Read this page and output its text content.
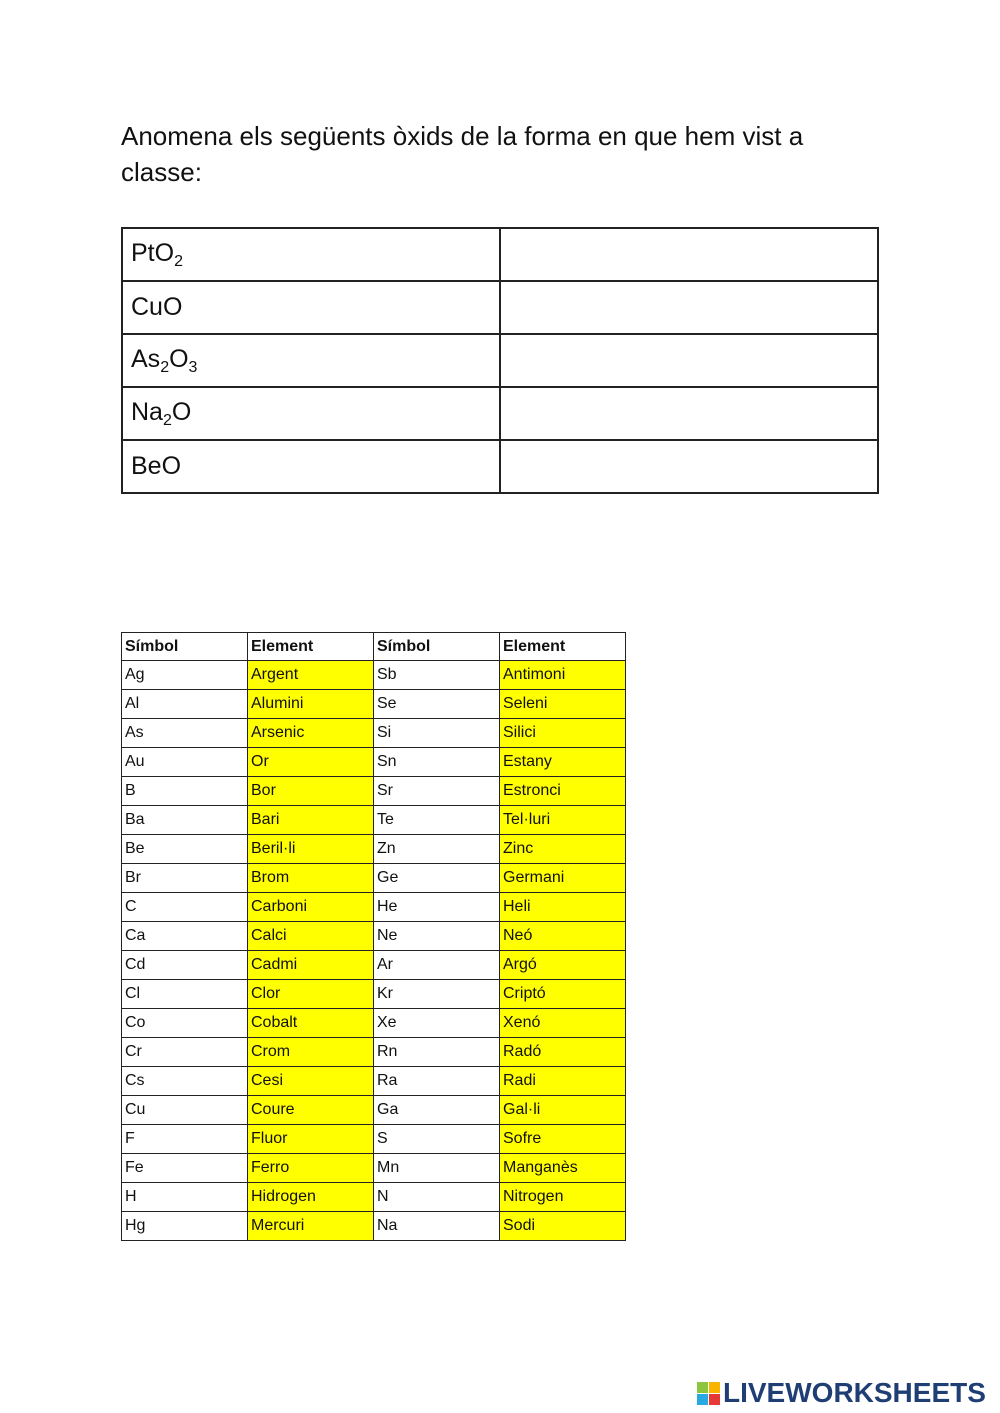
Anomena els següents òxids de la forma en que hem vist a classe:
PtO$_2$	
CuO	
$As_2O_3$	
$Na_2O$	
BeO	
Símbol	Element	Símbol	Element
Ag	Argent	Sb	Antimoni
Al	Alumini	Se	Seleni
As	Arsenic	Si	Silici
Au	Or	Sn	Estany
B	Bor	Sr	Estronci
Ba	Bari	Te	Tel·luri
Be	Beril·li	Zn	Zinc
Br	Brom	Ge	Germani
C	Carboni	He	Heli
Ca	Calci	Ne	Neó
Cd	Cadmi	Ar	Argó
Cl	Clor	Kr	Criptó
Co	Cobalt	Xe	Xenó
Cr	Crom	Rn	Radó
Cs	Cesi	Ra	Radi
Cu	Coure	Ga	Gal·li
F	Fluor	S	Sofre
Fe	Ferro	Mn	Manganès
H	Hidrogen	N	Nitrogen
Hg	Mercuri	Na	Sodi
LIVEWORKSHEETS
